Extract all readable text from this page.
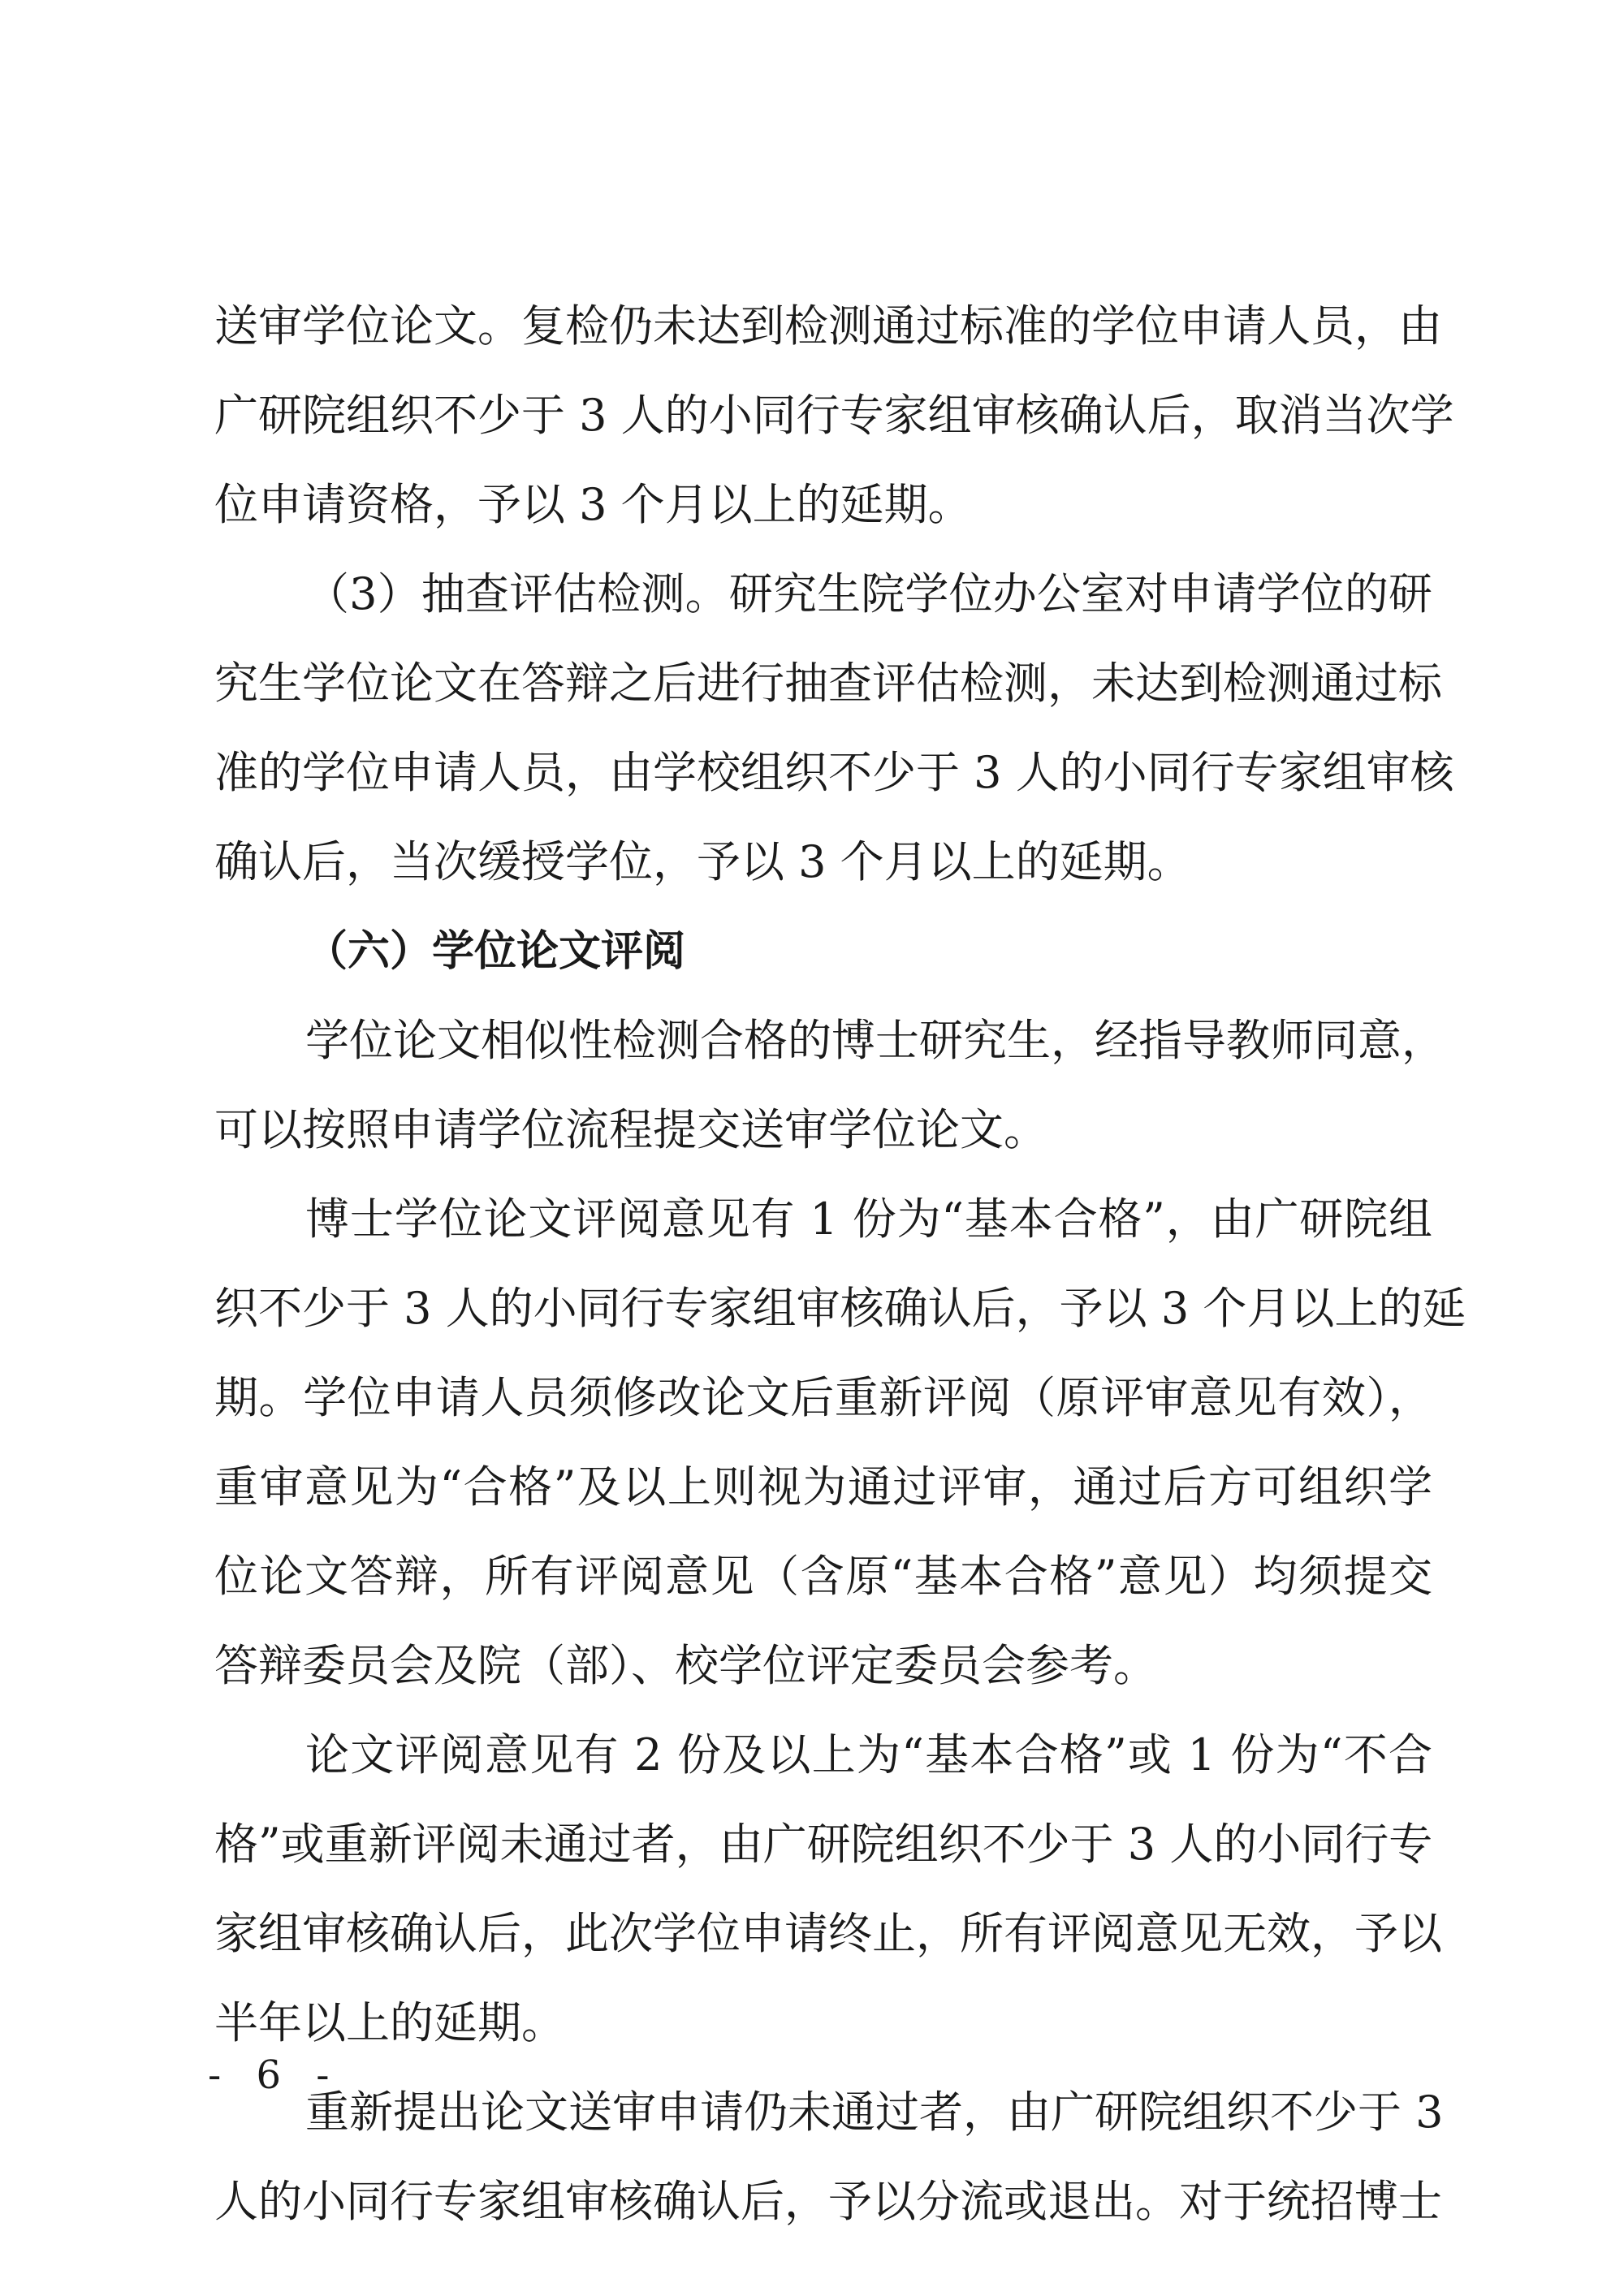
送审学位论文。复检仍未达到检测通过标准的学位申请人员，由
广研院组织不少于 3 人的小同行专家组审核确认后，取消当次学
位申请资格，予以 3 个月以上的延期。
（3）抽查评估检测。研究生院学位办公室对申请学位的研
究生学位论文在答辩之后进行抽查评估检测，未达到检测通过标
准的学位申请人员，由学校组织不少于 3 人的小同行专家组审核
确认后，当次缓授学位，予以 3 个月以上的延期。
（六）学位论文评阅
学位论文相似性检测合格的博士研究生，经指导教师同意，
可以按照申请学位流程提交送审学位论文。
博士学位论文评阅意见有 1 份为“基本合格”，由广研院组
织不少于 3 人的小同行专家组审核确认后，予以 3 个月以上的延
期。学位申请人员须修改论文后重新评阅（原评审意见有效），
重审意见为“合格”及以上则视为通过评审，通过后方可组织学
位论文答辩，所有评阅意见（含原“基本合格”意见）均须提交
答辩委员会及院（部）、校学位评定委员会参考。
论文评阅意见有 2 份及以上为“基本合格”或 1 份为“不合
格”或重新评阅未通过者，由广研院组织不少于 3 人的小同行专
家组审核确认后，此次学位申请终止，所有评阅意见无效，予以
半年以上的延期。
重新提出论文送审申请仍未通过者，由广研院组织不少于 3
人的小同行专家组审核确认后，予以分流或退出。对于统招博士
- 6 -
